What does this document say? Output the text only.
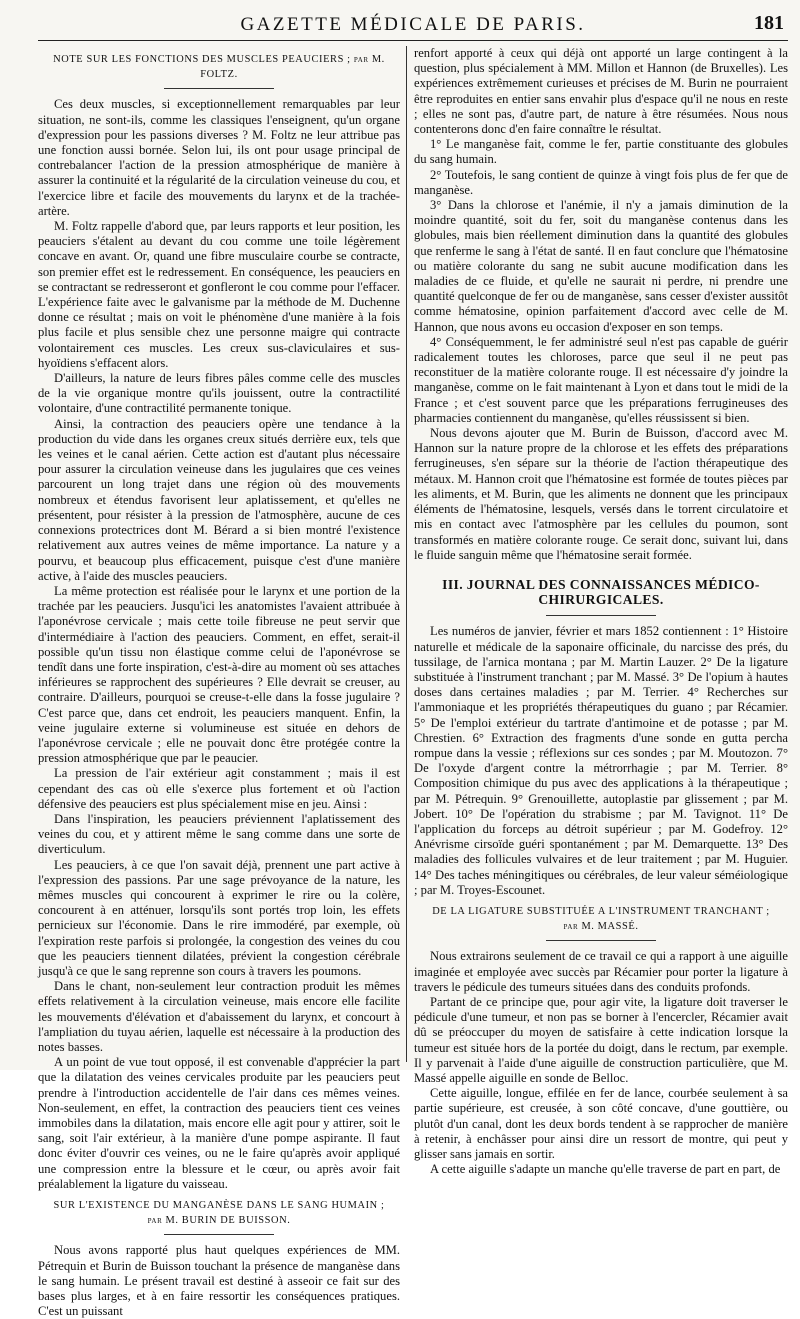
GAZETTE MÉDICALE DE PARIS.	181
NOTE SUR LES FONCTIONS DES MUSCLES PEAUCIERS ; par M. FOLTZ.

Ces deux muscles, si exceptionnellement remarquables par leur situation, ne sont-ils, comme les classiques l'enseignent, qu'un organe d'expression pour les passions diverses ? M. Foltz ne leur attribue pas une fonction aussi bornée. Selon lui, ils ont pour usage principal de contrebalancer l'action de la pression atmosphérique de manière à assurer la continuité et la régularité de la circulation veineuse du cou, et l'exercice libre et facile des mouvements du larynx et de la trachée-artère.

M. Foltz rappelle d'abord que, par leurs rapports et leur position, les peauciers s'étalent au devant du cou comme une toile légèrement concave en avant. Or, quand une fibre musculaire courbe se contracte, son premier effet est le redressement. En conséquence, les peauciers en se contractant se redresseront et gonfleront le cou comme pour l'effacer. L'expérience faite avec le galvanisme par la méthode de M. Duchenne donne ce résultat ; mais on voit le phénomène d'une manière à la fois plus facile et plus sensible chez une personne maigre qui contracte volontairement ces muscles. Les creux sus-claviculaires et sus-hyoïdiens s'effacent alors.

D'ailleurs, la nature de leurs fibres pâles comme celle des muscles de la vie organique montre qu'ils jouissent, outre la contractilité volontaire, d'une contractilité permanente tonique.

Ainsi, la contraction des peauciers opère une tendance à la production du vide dans les organes creux situés derrière eux, tels que les veines et le canal aérien. Cette action est d'autant plus nécessaire pour assurer la circulation veineuse dans les jugulaires que ces veines parcourent un long trajet dans une région où des mouvements nombreux et étendus favorisent leur aplatissement, et qu'elles ne présentent, pour résister à la pression de l'atmosphère, aucune de ces connexions protectrices dont M. Bérard a si bien montré l'existence relativement aux autres veines de même importance. La nature y a pourvu, et beaucoup plus efficacement, puisque c'est d'une manière active, à l'aide des muscles peauciers.

La même protection est réalisée pour le larynx et une portion de la trachée par les peauciers. Jusqu'ici les anatomistes l'avaient attribuée à l'aponévrose cervicale ; mais cette toile fibreuse ne peut servir que d'intermédiaire à l'action des peauciers. Comment, en effet, serait-il possible qu'un tissu non élastique comme celui de l'aponévrose se tendît dans une forte inspiration, c'est-à-dire au moment où ses attaches inférieures se rapprochent des supérieures ? Elle devrait se creuser, au contraire. D'ailleurs, pourquoi se creuse-t-elle dans la fosse jugulaire ? C'est parce que, dans cet endroit, les peauciers manquent. Enfin, la veine jugulaire externe si volumineuse est située en dehors de l'aponévrose cervicale ; elle ne pouvait donc être protégée contre la pression atmosphérique que par le peaucier.

La pression de l'air extérieur agit constamment ; mais il est cependant des cas où elle s'exerce plus fortement et où l'action défensive des peauciers est plus spécialement mise en jeu. Ainsi :

Dans l'inspiration, les peauciers préviennent l'aplatissement des veines du cou, et y attirent même le sang comme dans une sorte de diverticulum.

Les peauciers, à ce que l'on savait déjà, prennent une part active à l'expression des passions. Par une sage prévoyance de la nature, les mêmes muscles qui concourent à exprimer le rire ou la colère, concourent à en atténuer, lorsqu'ils sont portés trop loin, les effets pernicieux sur l'économie. Dans le rire immodéré, par exemple, où l'expiration reste parfois si prolongée, la congestion des veines du cou que les peauciers tiennent dilatées, prévient la congestion cérébrale jusqu'à ce que le sang reprenne son cours à travers les poumons.

Dans le chant, non-seulement leur contraction produit les mêmes effets relativement à la circulation veineuse, mais encore elle facilite les mouvements d'élévation et d'abaissement du larynx, et concourt à l'ampliation du tuyau aérien, laquelle est nécessaire à la production des notes basses.

A un point de vue tout opposé, il est convenable d'apprécier la part que la dilatation des veines cervicales produite par les peauciers peut prendre à l'introduction accidentelle de l'air dans ces mêmes veines. Non-seulement, en effet, la contraction des peauciers tient ces veines immobiles dans la dilatation, mais encore elle agit pour y attirer, soit le sang, soit l'air extérieur, à la manière d'une pompe aspirante. Il faut donc éviter d'ouvrir ces veines, ou ne le faire qu'après avoir appliqué une compression entre la blessure et le cœur, ou après avoir fait préalablement la ligature du vaisseau.

SUR L'EXISTENCE DU MANGANÈSE DANS LE SANG HUMAIN ;
par M. BURIN DE BUISSON.

Nous avons rapporté plus haut quelques expériences de MM. Pétrequin et Burin de Buisson touchant la présence de manganèse dans le sang humain. Le présent travail est destiné à asseoir ce fait sur des bases plus larges, et à en faire ressortir les conséquences pratiques. C'est un puissant

renfort apporté à ceux qui déjà ont apporté un large contingent à la question, plus spécialement à MM. Millon et Hannon (de Bruxelles). Les expériences extrêmement curieuses et précises de M. Burin ne pourraient être reproduites en entier sans envahir plus d'espace qu'il ne nous en reste ; elles ne sont pas, d'autre part, de nature à être résumées. Nous nous contenterons donc d'en faire connaître le résultat.

1° Le manganèse fait, comme le fer, partie constituante des globules du sang humain.

2° Toutefois, le sang contient de quinze à vingt fois plus de fer que de manganèse.

3° Dans la chlorose et l'anémie, il n'y a jamais diminution de la moindre quantité, soit du fer, soit du manganèse contenus dans les globules, mais bien réellement diminution dans la quantité des globules que renferme le sang à l'état de santé. Il en faut conclure que l'hématosine ou matière colorante du sang ne subit aucune modification dans les maladies de ce fluide, et qu'elle ne saurait ni perdre, ni prendre une quantité quelconque de fer ou de manganèse, sans cesser d'exister aussitôt comme hématosine, opinion parfaitement d'accord avec celle de M. Hannon, que nous avons eu occasion d'exposer en son temps.

4° Conséquemment, le fer administré seul n'est pas capable de guérir radicalement toutes les chloroses, parce que seul il ne peut pas reconstituer de la matière colorante rouge. Il est nécessaire d'y joindre la manganèse, comme on le fait maintenant à Lyon et dans tout le midi de la France ; et c'est souvent parce que les préparations ferrugineuses des pharmacies contiennent du manganèse, qu'elles réussissent si bien.

Nous devons ajouter que M. Burin de Buisson, d'accord avec M. Hannon sur la nature propre de la chlorose et les effets des préparations ferrugineuses, s'en sépare sur la théorie de l'action thérapeutique des métaux. M. Hannon croit que l'hématosine est formée de toutes pièces par les aliments, et M. Burin, que les aliments ne donnent que les principaux éléments de l'hématosine, lesquels, versés dans le torrent circulatoire et mis en contact avec l'atmosphère par les cellules du poumon, sont transformés en matière colorante rouge. Ce serait donc, suivant lui, dans le fluide sanguin même que l'hématosine serait formée.

III. JOURNAL DES CONNAISSANCES MÉDICO-
CHIRURGICALES.

Les numéros de janvier, février et mars 1852 contiennent : 1° Histoire naturelle et médicale de la saponaire officinale, du narcisse des prés, du tussilage, de l'arnica montana ; par M. Martin Lauzer. 2° De la ligature substituée à l'instrument tranchant ; par M. Massé. 3° De l'opium à hautes doses dans certaines maladies ; par M. Terrier. 4° Recherches sur l'ammoniaque et les propriétés thérapeutiques du guano ; par Récamier. 5° De l'emploi extérieur du tartrate d'antimoine et de potasse ; par M. Chrestien. 6° Extraction des fragments d'une sonde en gutta percha rompue dans la vessie ; réflexions sur ces sondes ; par M. Moutozon. 7° De l'oxyde d'argent contre la métrorrhagie ; par M. Terrier. 8° Composition chimique du pus avec des applications à la thérapeutique ; par M. Pétrequin. 9° Grenouillette, autoplastie par glissement ; par M. Jobert. 10° De l'opération du strabisme ; par M. Tavignot. 11° De l'application du forceps au détroit supérieur ; par M. Godefroy. 12° Anévrisme cirsoïde guéri spontanément ; par M. Demarquette. 13° Des maladies des follicules vulvaires et de leur traitement ; par M. Huguier. 14° Des taches méningitiques ou cérébrales, de leur valeur séméiologique ; par M. Troyes-Escounet.

DE LA LIGATURE SUBSTITUÉE A L'INSTRUMENT TRANCHANT ;
par M. MASSÉ.

Nous extrairons seulement de ce travail ce qui a rapport à une aiguille imaginée et employée avec succès par Récamier pour porter la ligature à travers le pédicule des tumeurs situées dans des conduits profonds.

Partant de ce principe que, pour agir vite, la ligature doit traverser le pédicule d'une tumeur, et non pas se borner à l'encercler, Récamier avait dû se préoccuper du moyen de satisfaire à cette indication lorsque la tumeur est située hors de la portée du doigt, dans le rectum, par exemple. Il y parvenait à l'aide d'une aiguille de construction particulière, que M. Massé appelle aiguille en sonde de Belloc.

Cette aiguille, longue, effilée en fer de lance, courbée seulement à sa partie supérieure, est creusée, à son côté concave, d'une gouttière, ou plutôt d'un canal, dont les deux bords tendent à se rapprocher de manière à retenir, à enchâsser pour ainsi dire un ressort de montre, qui peut y glisser sans jamais en sortir.

A cette aiguille s'adapte un manche qu'elle traverse de part en part, de
